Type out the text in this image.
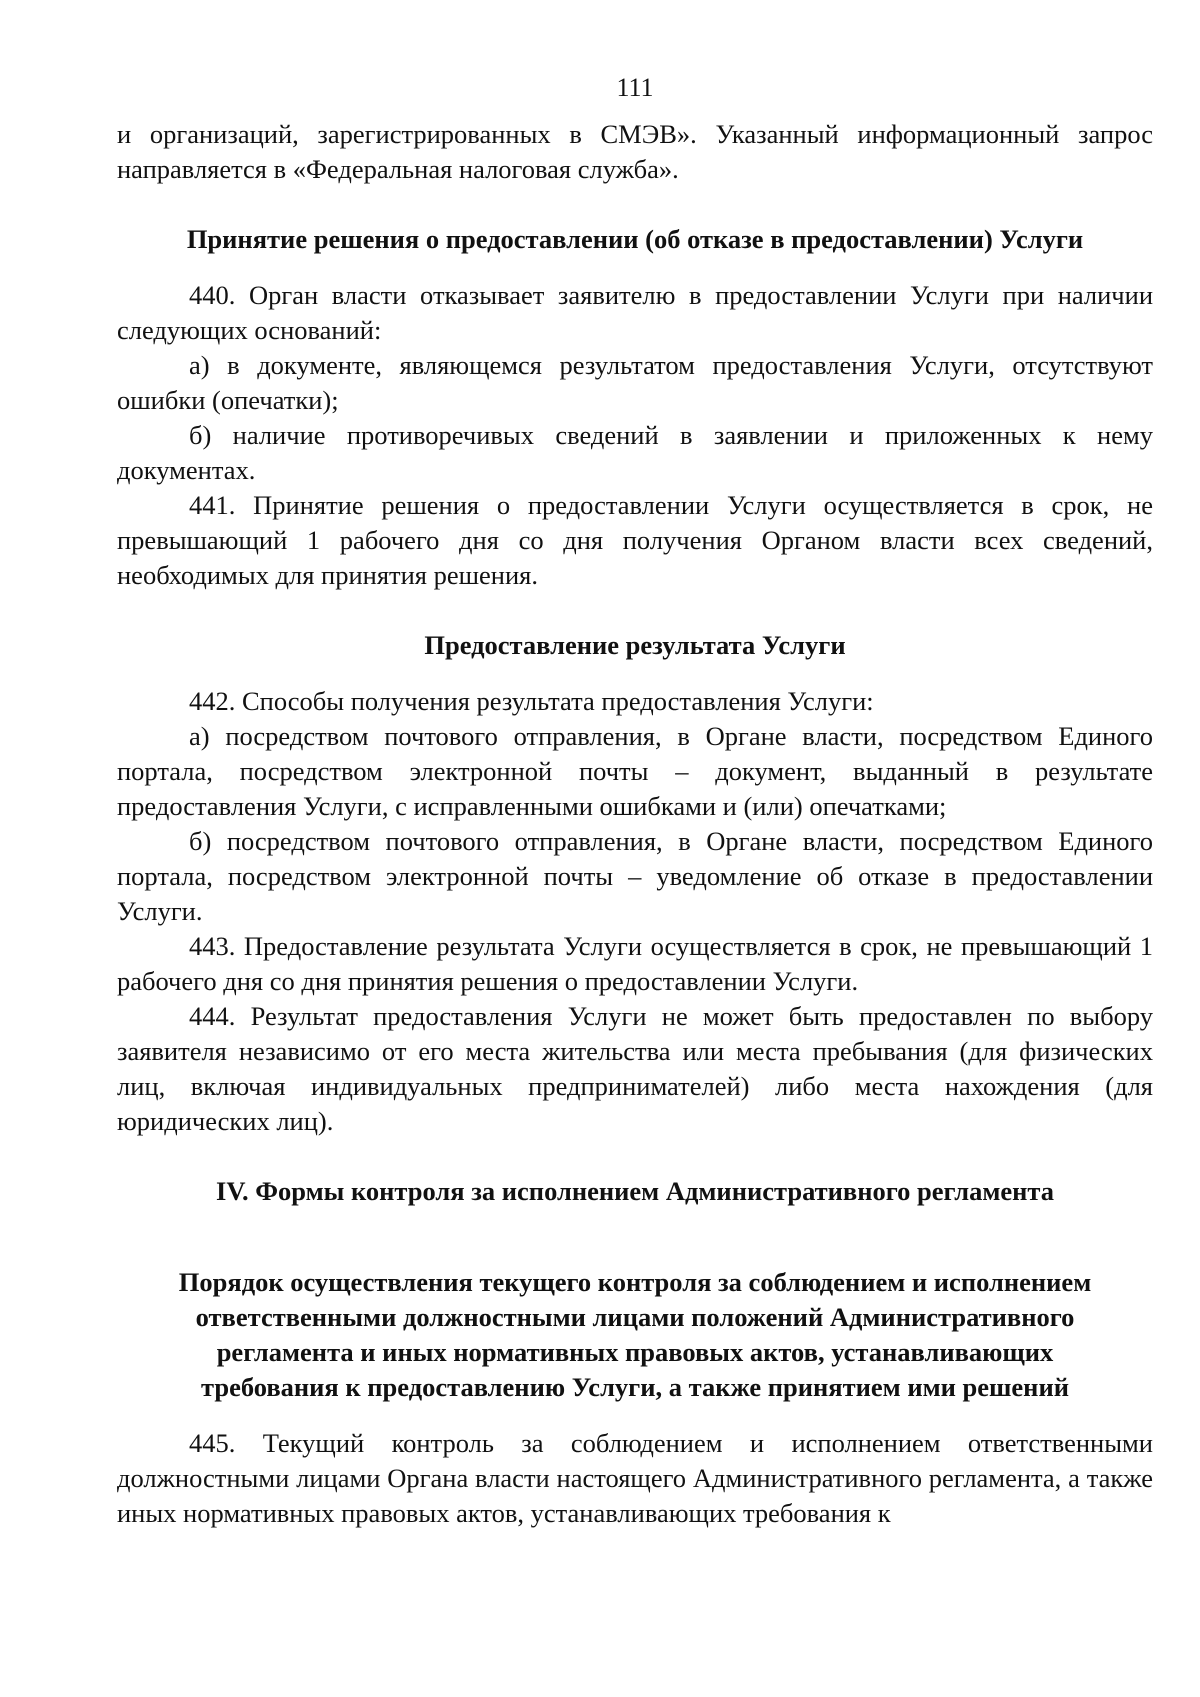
111

и организаций, зарегистрированных в СМЭВ». Указанный информационный запрос направляется в «Федеральная налоговая служба».

Принятие решения о предоставлении (об отказе в предоставлении) Услуги

440. Орган власти отказывает заявителю в предоставлении Услуги при наличии следующих оснований:

а) в документе, являющемся результатом предоставления Услуги, отсутствуют ошибки (опечатки);

б) наличие противоречивых сведений в заявлении и приложенных к нему документах.

441. Принятие решения о предоставлении Услуги осуществляется в срок, не превышающий 1 рабочего дня со дня получения Органом власти всех сведений, необходимых для принятия решения.

Предоставление результата Услуги

442. Способы получения результата предоставления Услуги:

а) посредством почтового отправления, в Органе власти, посредством Единого портала, посредством электронной почты – документ, выданный в результате предоставления Услуги, с исправленными ошибками и (или) опечатками;

б) посредством почтового отправления, в Органе власти, посредством Единого портала, посредством электронной почты – уведомление об отказе в предоставлении Услуги.

443. Предоставление результата Услуги осуществляется в срок, не превышающий 1 рабочего дня со дня принятия решения о предоставлении Услуги.

444. Результат предоставления Услуги не может быть предоставлен по выбору заявителя независимо от его места жительства или места пребывания (для физических лиц, включая индивидуальных предпринимателей) либо места нахождения (для юридических лиц).

IV. Формы контроля за исполнением Административного регламента
Порядок осуществления текущего контроля за соблюдением и исполнением
ответственными должностными лицами положений Административного
регламента и иных нормативных правовых актов, устанавливающих
требования к предоставлению Услуги, а также принятием ими решений

445. Текущий контроль за соблюдением и исполнением ответственными должностными лицами Органа власти настоящего Административного регламента, а также иных нормативных правовых актов, устанавливающих требования к
